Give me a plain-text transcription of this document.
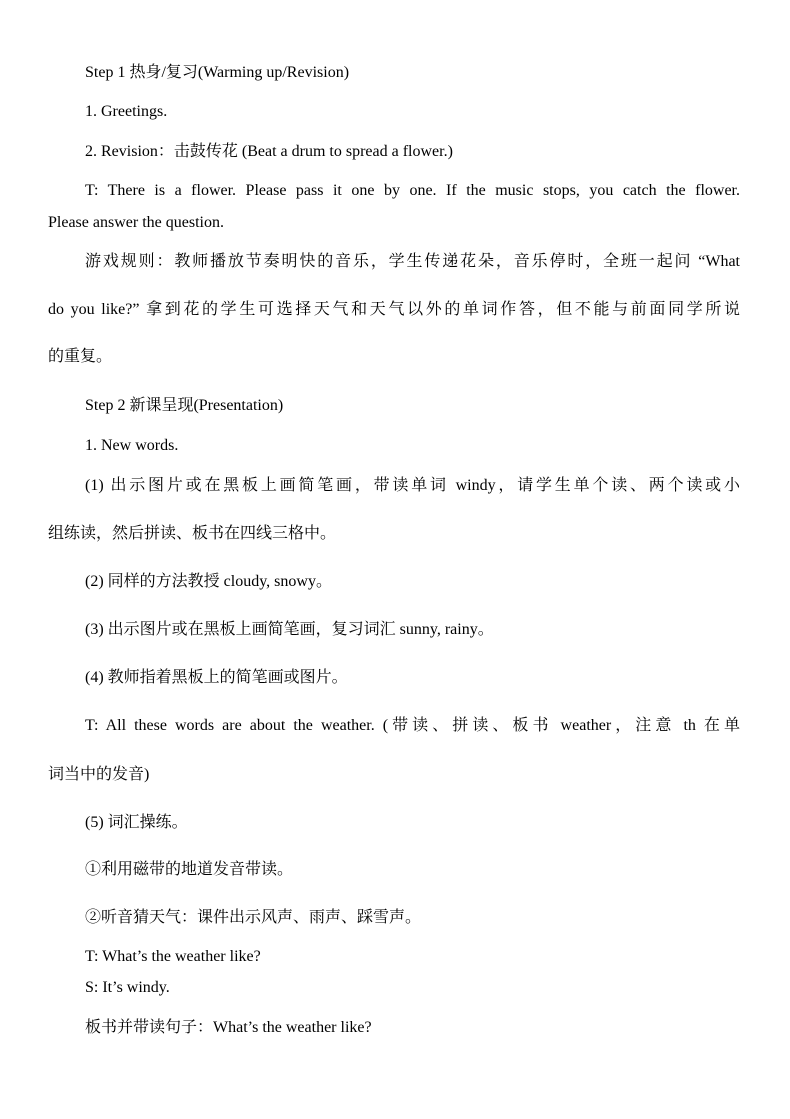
Step 1 热身/复习(Warming up/Revision)
1. Greetings.
2. Revision：击鼓传花 (Beat a drum to spread a flower.)
T: There is a flower. Please pass it one by one. If the music stops, you catch the flower.
Please answer the question.
游戏规则：教师播放节奏明快的音乐，学生传递花朵，音乐停时，全班一起问 “What
do you like?” 拿到花的学生可选择天气和天气以外的单词作答，但不能与前面同学所说
的重复。
Step 2 新课呈现(Presentation)
1. New words.
(1) 出示图片或在黑板上画简笔画，带读单词 windy，请学生单个读、两个读或小
组练读，然后拼读、板书在四线三格中。
(2) 同样的方法教授 cloudy, snowy。
(3) 出示图片或在黑板上画简笔画，复习词汇 sunny, rainy。
(4) 教师指着黑板上的简笔画或图片。
T: All these words are about the weather. (带读、拼读、板书 weather，注意 th 在单
词当中的发音)
(5) 词汇操练。
①利用磁带的地道发音带读。
②听音猜天气：课件出示风声、雨声、踩雪声。
T: What’s the weather like?
S: It’s windy.
板书并带读句子：What’s the weather like?
